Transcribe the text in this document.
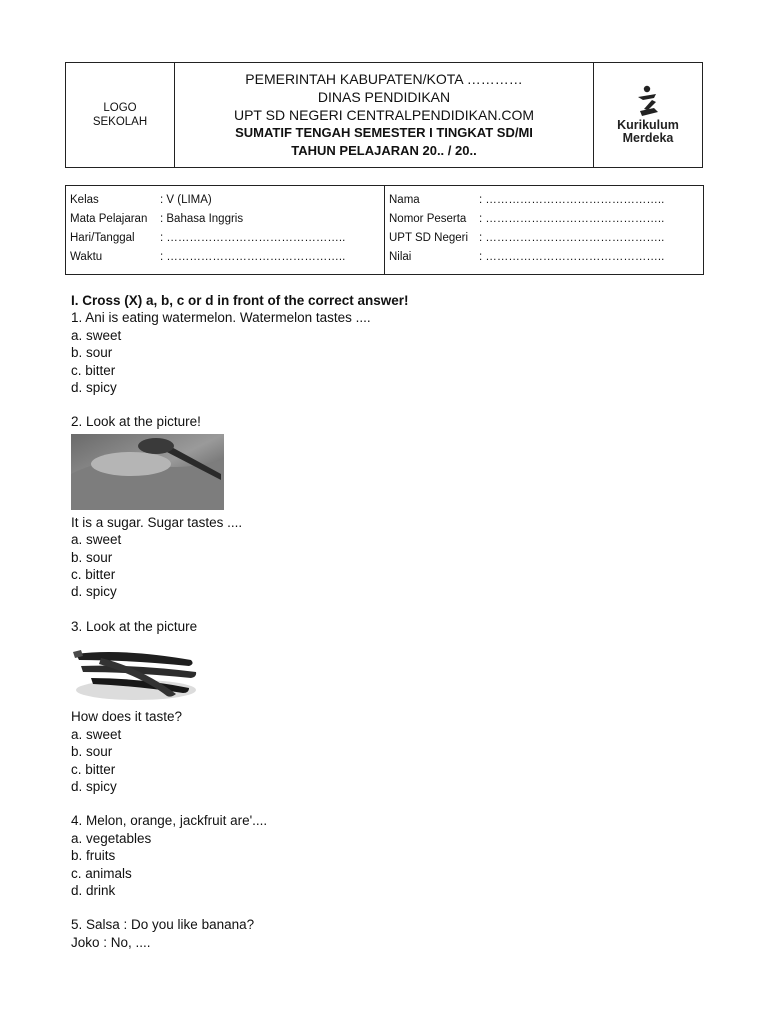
LOGO
SEKOLAH
PEMERINTAH KABUPATEN/KOTA …………
DINAS PENDIDIKAN
UPT SD NEGERI CENTRALPENDIDIKAN.COM
SUMATIF TENGAH SEMESTER I TINGKAT SD/MI
TAHUN PELAJARAN 20.. / 20..
Kurikulum
Merdeka
Kelas	: V (LIMA)
Mata Pelajaran	: Bahasa Inggris
Hari/Tanggal	: ………………………………………..
Waktu	: ………………………………………..
Nama	: ………………………………………..
Nomor Peserta	: ………………………………………..
UPT SD Negeri : ………………………………………..
Nilai	: ………………………………………..

I. Cross (X) a, b, c or d in front of the correct answer!

1. Ani is eating watermelon. Watermelon tastes ....

a. sweet

b. sour

c. bitter

d. spicy

2. Look at the picture!

It is a sugar. Sugar tastes ....

a. sweet

b. sour

c. bitter

d. spicy

3. Look at the picture

How does it taste?

a. sweet

b. sour

c. bitter

d. spicy

4. Melon, orange, jackfruit are'....

a. vegetables

b. fruits

c. animals

d. drink

5. Salsa : Do you like banana?

Joko : No, ....
